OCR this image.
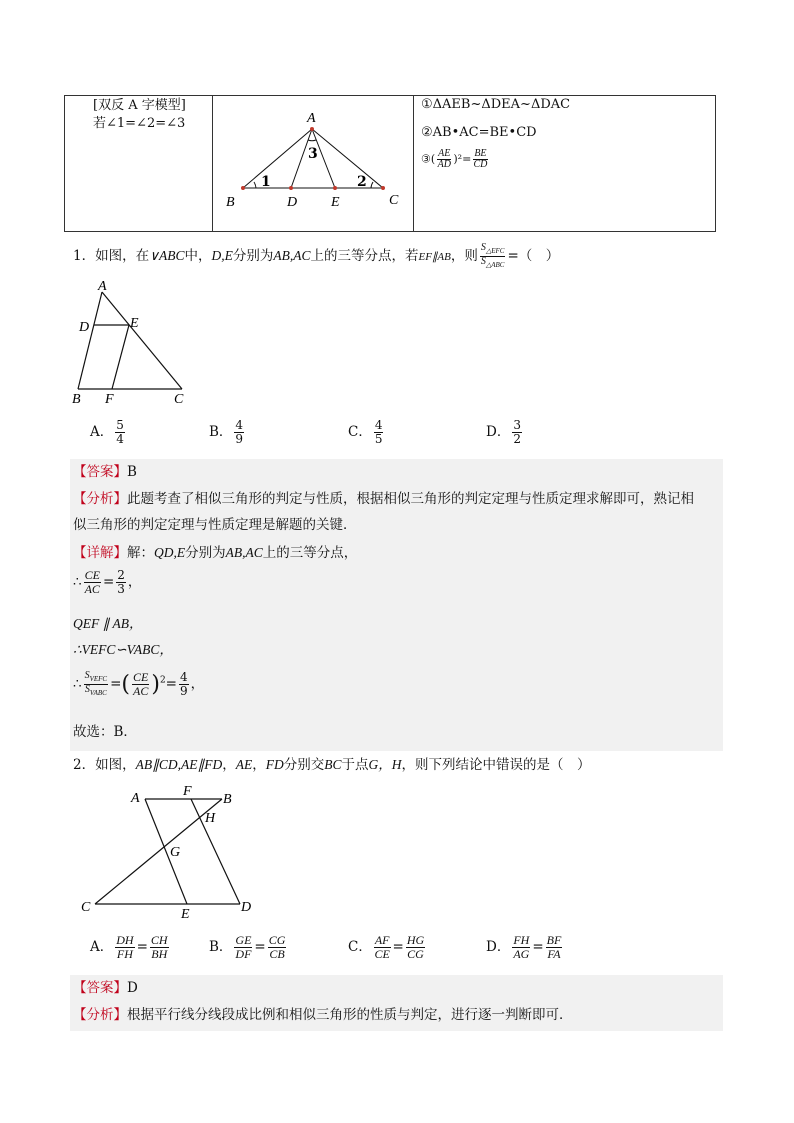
[双反 A 字模型]
若∠1=∠2=∠3	A
B	D E	C
1	2
3
①ΔAEB~ΔDEA~ΔDAC
②AB•AC=BE•CD
③( $\frac{AE}{AD} )^2= \frac{BE}{CD}$
1．如图，在∨ABC中，D,E分别为AB,AC上的三等分点，若EF∥AB，则 $\frac{S_{\triangle EFC}}{S_{\triangle ABC}}$ =（　）
A
D	E
B F	C
A． $\frac{5}{4}$	B． $\frac{4}{9}$	C． $\frac{4}{5}$	D． $\frac{3}{2}$
【答案】B
【分析】此题考查了相似三角形的判定与性质，根据相似三角形的判定定理与性质定理求解即可，熟记相
似三角形的判定定理与性质定理是解题的关键．
【详解】解：QD,E分别为AB,AC上的三等分点，
∴ $\frac{CE}{AC} = \frac{2}{3}$ ，
QEF ∥ AB，
∴VEFC∽VABC，
∴ $\frac{S_{VEFC}}{S_{VABC}}$ =( $\frac{CE}{AC} )^2= \frac{4}{9}$ ，
故选：B．
2．如图，AB∥CD,AE∥FD，AE，FD分别交BC于点G，H，则下列结论中错误的是（　）
A	F
B
H
G
C	E	D
A． $\frac{DH}{FH} = \frac{CH}{BH}$	B． $\frac{GE}{DF} = \frac{CG}{CB}$	C． $\frac{AF}{CE} = \frac{HG}{CG}$	D． $\frac{FH}{AG} = \frac{BF}{FA}$
【答案】D
【分析】根据平行线分线段成比例和相似三角形的性质与判定，进行逐一判断即可．
